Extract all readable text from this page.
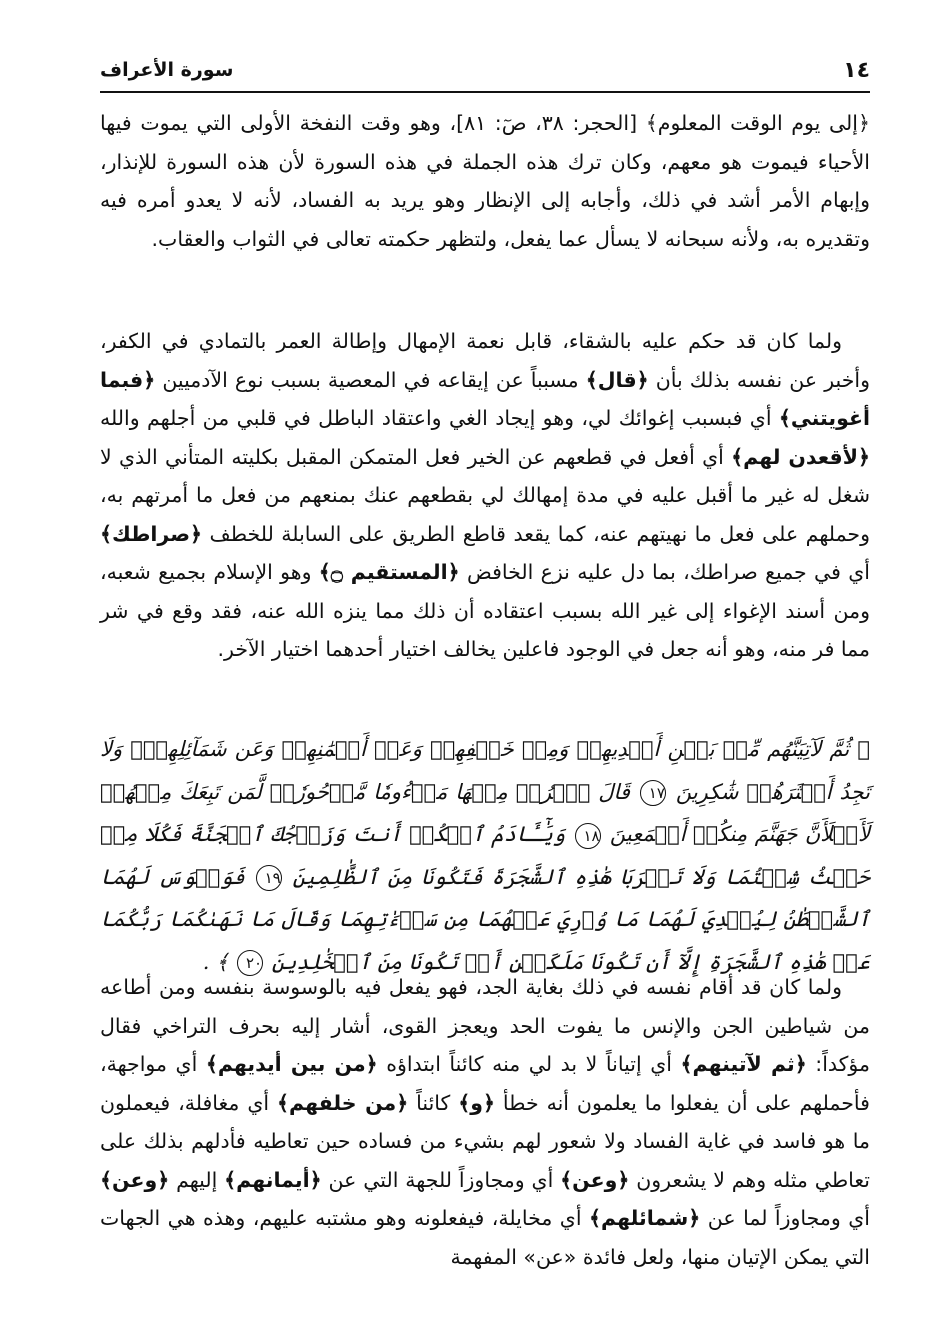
١٤
سورة الأعراف
﴿إلى يوم الوقت المعلوم﴾ [الحجر: ٣٨، صٓ: ٨١]، وهو وقت النفخة الأولى التي يموت فيها الأحياء فيموت هو معهم، وكان ترك هذه الجملة في هذه السورة لأن هذه السورة للإنذار، وإبهام الأمر أشد في ذلك، وأجابه إلى الإنظار وهو يريد به الفساد، لأنه لا يعدو أمره فيه وتقديره به، ولأنه سبحانه لا يسأل عما يفعل، ولتظهر حكمته تعالى في الثواب والعقاب.
ولما كان قد حكم عليه بالشقاء، قابل نعمة الإمهال وإطالة العمر بالتمادي في الكفر، وأخبر عن نفسه بذلك بأن ﴿قال﴾ مسبباً عن إيقاعه في المعصية بسبب نوع الآدميين ﴿فبما أغويتني﴾ أي فبسبب إغوائك لي، وهو إيجاد الغي واعتقاد الباطل في قلبي من أجلهم والله ﴿لأقعدن لهم﴾ أي أفعل في قطعهم عن الخير فعل المتمكن المقبل بكليته المتأني الذي لا شغل له غير ما أقبل عليه في مدة إمهالك لي بقطعهم عنك بمنعهم من فعل ما أمرتهم به، وحملهم على فعل ما نهيتهم عنه، كما يقعد قاطع الطريق على السابلة للخطف ﴿صراطك﴾ أي في جميع صراطك، بما دل عليه نزع الخافض ﴿المستقيم ۝﴾ وهو الإسلام بجميع شعبه، ومن أسند الإغواء إلى غير الله بسبب اعتقاده أن ذلك مما ينزه الله عنه، فقد وقع في شر مما فر منه، وهو أنه جعل في الوجود فاعلين يخالف اختيار أحدهما اختيار الآخر.
﴿ ثُمَّ لَآتِيَنَّهُم مِّنۢ بَيۡنِ أَيۡدِيهِمۡ وَمِنۡ خَلۡفِهِمۡ وَعَنۡ أَيۡمَٰنِهِمۡ وَعَن شَمَآئِلِهِمۡۖ وَلَا تَجِدُ أَكۡثَرَهُمۡ شَٰكِرِينَ ١٧ قَالَ ٱخۡرُجۡ مِنۡهَا مَذۡءُومٗا مَّدۡحُورٗاۖ لَّمَن تَبِعَكَ مِنۡهُمۡ لَأَمۡلَأَنَّ جَهَنَّمَ مِنكُمۡ أَجۡمَعِينَ ١٨ وَيَٰٓـَٔادَمُ ٱسۡكُنۡ أَنتَ وَزَوۡجُكَ ٱلۡجَنَّةَ فَكُلَا مِنۡ حَيۡثُ شِئۡتُمَا وَلَا تَقۡرَبَا هَٰذِهِ ٱلشَّجَرَةَ فَتَكُونَا مِنَ ٱلظَّٰلِمِينَ ١٩ فَوَسۡوَسَ لَهُمَا ٱلشَّيۡطَٰنُ لِيُبۡدِيَ لَهُمَا مَا وُۥرِيَ عَنۡهُمَا مِن سَوۡءَٰتِهِمَا وَقَالَ مَا نَهَىٰكُمَا رَبُّكُمَا عَنۡ هَٰذِهِ ٱلشَّجَرَةِ إِلَّآ أَن تَكُونَا مَلَكَيۡنِ أَوۡ تَكُونَا مِنَ ٱلۡخَٰلِدِينَ ٢٠ ﴾ .
ولما كان قد أقام نفسه في ذلك بغاية الجد، فهو يفعل فيه بالوسوسة بنفسه ومن أطاعه من شياطين الجن والإنس ما يفوت الحد ويعجز القوى، أشار إليه بحرف التراخي فقال مؤكداً: ﴿ثم لآتينهم﴾ أي إتياناً لا بد لي منه كائناً ابتداؤه ﴿من بين أيديهم﴾ أي مواجهة، فأحملهم على أن يفعلوا ما يعلمون أنه خطأ ﴿و﴾ كائناً ﴿من خلفهم﴾ أي مغافلة، فيعملون ما هو فاسد في غاية الفساد ولا شعور لهم بشيء من فساده حين تعاطيه فأدلهم بذلك على تعاطي مثله وهم لا يشعرون ﴿وعن﴾ أي ومجاوزاً للجهة التي عن ﴿أيمانهم﴾ إليهم ﴿وعن﴾ أي ومجاوزاً لما عن ﴿شمائلهم﴾ أي مخايلة، فيفعلونه وهو مشتبه عليهم، وهذه هي الجهات التي يمكن الإتيان منها، ولعل فائدة «عن» المفهمة
